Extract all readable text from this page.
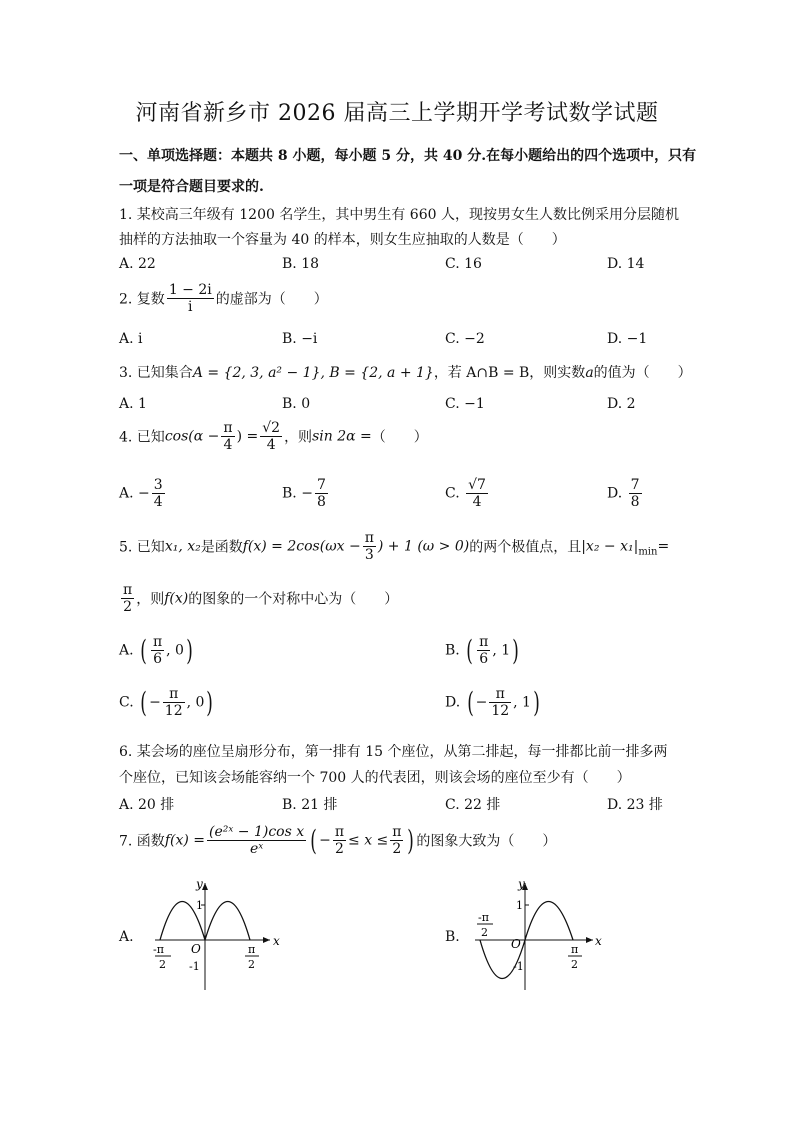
河南省新乡市 2026 届高三上学期开学考试数学试题
一、单项选择题：本题共 8 小题，每小题 5 分，共 40 分.在每小题给出的四个选项中，只有
一项是符合题目要求的.
1. 某校高三年级有 1200 名学生，其中男生有 660 人，现按男女生人数比例采用分层随机
抽样的方法抽取一个容量为 40 的样本，则女生应抽取的人数是（　　）
A. 22	B. 18	C. 16	D. 14
2. 复数 $\frac{1 - 2i}{i}$ 的虚部为（　　）
A. i	B. −i	C. −2	D. −1
3. 已知集合A = {2, 3, a² − 1}, B = {2, a + 1}，若 A∩B = B，则实数a的值为（　　）
A. 1	B. 0	C. −1	D. 2
4. 已知$\cos(\alpha - \frac{\pi}{4}$ ) = $\frac{√2}{4}$ ，则sin 2α =（　　）
A. − $\frac{3}{4}$	B. − $\frac{7}{8}$	C. $\frac{√7}{4}$	D. $\frac{7}{8}$
5. 已知x₁, x₂是函数$f(x) = 2\cos(\omega x - \frac{\pi}{3}$ ) + 1 (ω > 0)的两个极值点，且$|x_2 - x_1|_{min}=$
$\frac{\pi}{2}$ ，则f(x)的图象的一个对称中心为（　　）
A. ( $\frac{\pi}{6}$ , 0)	B. ( $\frac{\pi}{6}$ , 1)
C. ( − $\frac{\pi}{12}$ , 0)	D. ( − $\frac{\pi}{12}$ , 1)
6. 某会场的座位呈扇形分布，第一排有 15 个座位，从第二排起，每一排都比前一排多两
个座位，已知该会场能容纳一个 700 人的代表团，则该会场的座位至少有（　　）
A. 20 排	B. 21 排	C. 22 排	D. 23 排
7. 函数$f(x) = \frac{\text{(e²ˣ − 1)cos x}}{\text{eˣ}}$ ( − $\frac{\pi}{2} \le x \le \frac{\pi}{2}$ ) 的图象大致为（　　）
A.
y
x
O
1
-1
-π
2
π
2
B.
y
x
O
1
-1
-π
2
π
2
